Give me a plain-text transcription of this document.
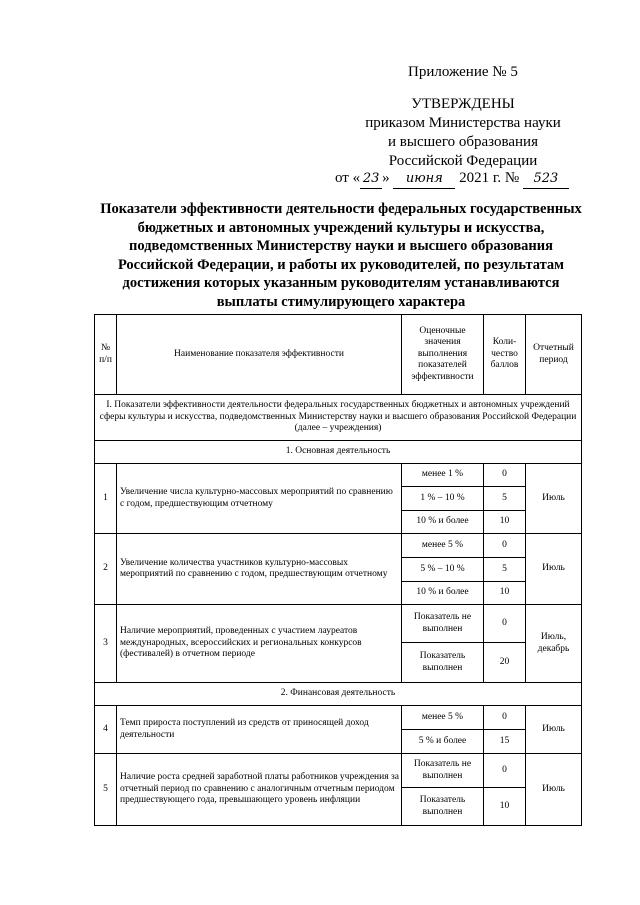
Приложение № 5
УТВЕРЖДЕНЫ
приказом Министерства науки
и высшего образования
Российской Федерации
от « 23 » июня 2021 г. № 523
Показатели эффективности деятельности федеральных государственных бюджетных и автономных учреждений культуры и искусства, подведомственных Министерству науки и высшего образования Российской Федерации, и работы их руководителей, по результатам достижения которых указанным руководителям устанавливаются выплаты стимулирующего характера
№ п/п	Наименование показателя эффективности	Оценочные значения выполнения показателей эффективности	Коли-чество баллов	Отчетный период
I. Показатели эффективности деятельности федеральных государственных бюджетных и автономных учреждений сферы культуры и искусства, подведомственных Министерству науки и высшего образования Российской Федерации (далее – учреждения)				
1. Основная деятельность				
1	Увеличение числа культурно-массовых мероприятий по сравнению с годом, предшествующим отчетному	менее 1 %	0	Июль
		1 % – 10 %	5	
		10 % и более	10	
2	Увеличение количества участников культурно-массовых мероприятий по сравнению с годом, предшествующим отчетному	менее 5 %	0	Июль
		5 % – 10 %	5	
		10 % и более	10	
3	Наличие мероприятий, проведенных с участием лауреатов международных, всероссийских и региональных конкурсов (фестивалей) в отчетном периоде	Показатель не выполнен	0	Июль, декабрь
		Показатель выполнен	20	
2. Финансовая деятельность				
4	Темп прироста поступлений из средств от приносящей доход деятельности	менее 5 %	0	Июль
		5 % и более	15	
5	Наличие роста средней заработной платы работников учреждения за отчетный период по сравнению с аналогичным отчетным периодом предшествующего года, превышающего уровень инфляции	Показатель не выполнен	0	Июль
		Показатель выполнен	10	
